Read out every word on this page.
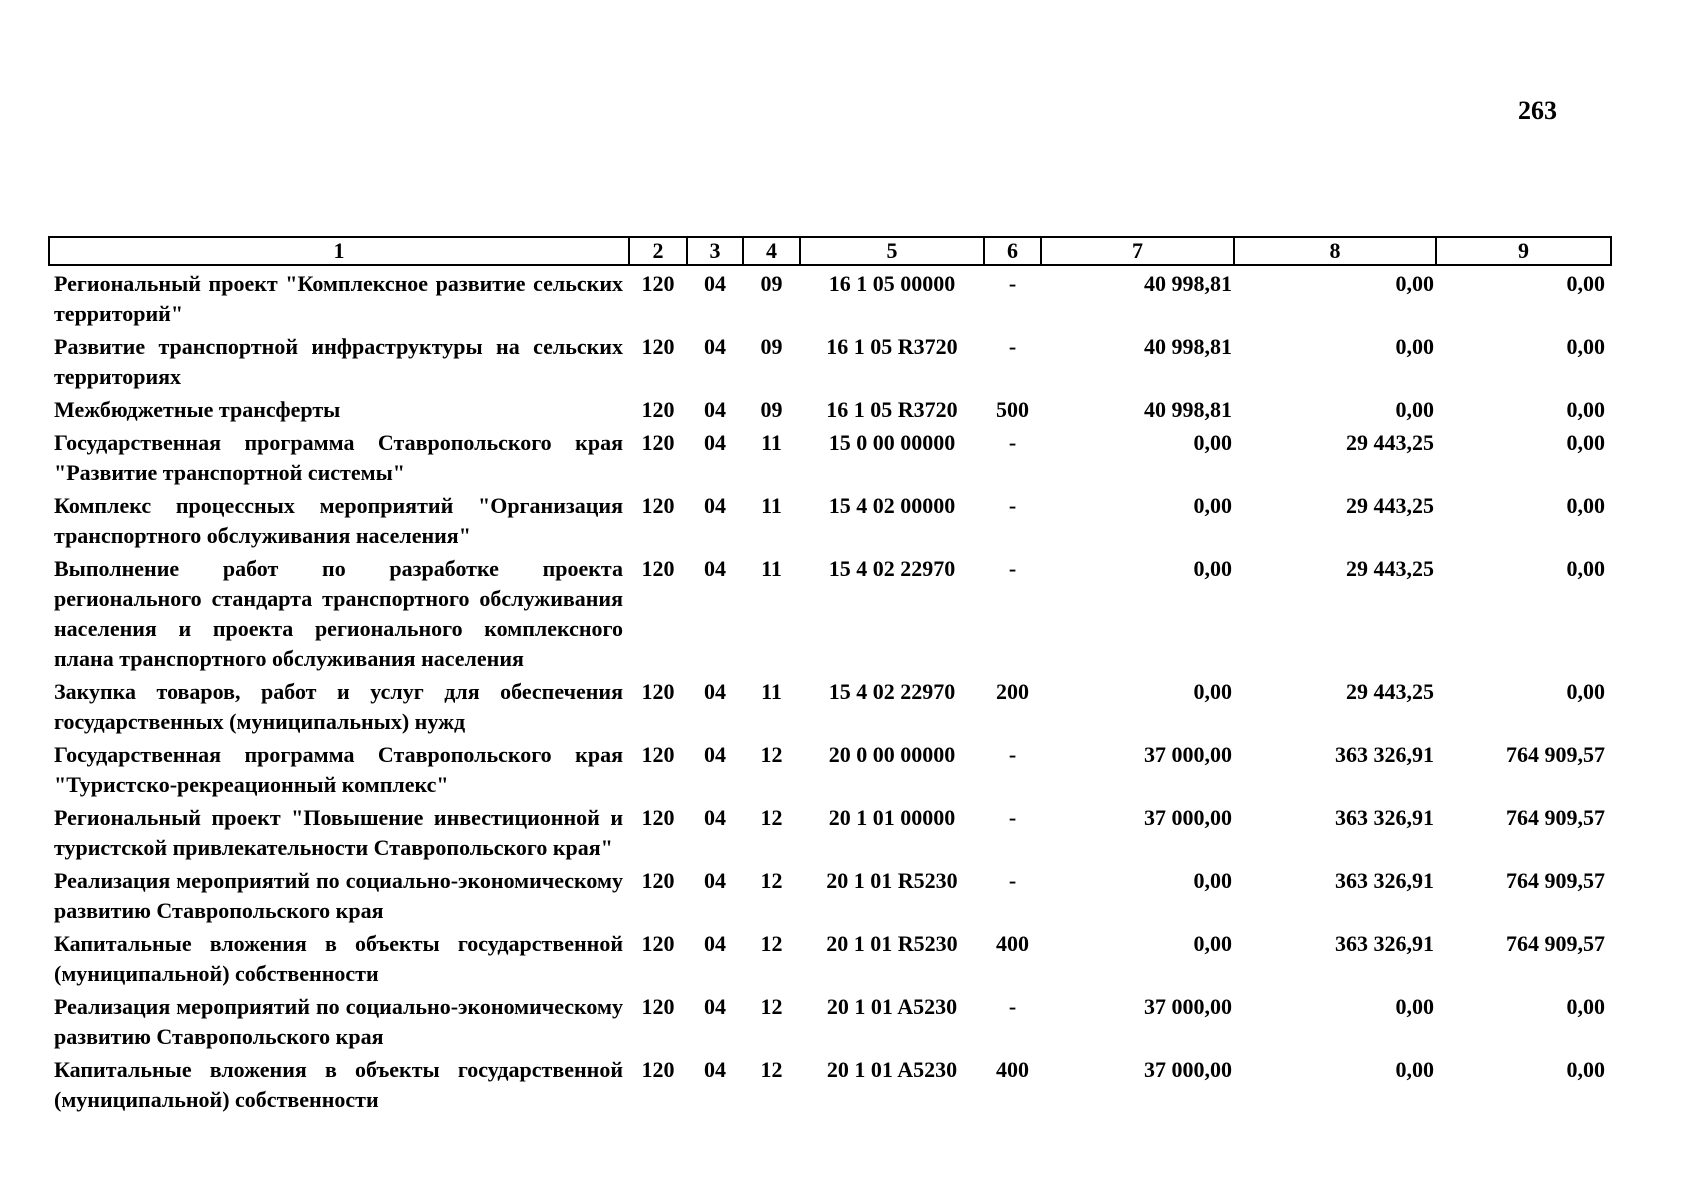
263
1	2	3	4	5	6	7	8	9
Региональный проект "Комплексное развитие сельских территорий"	120	04	09	16 1 05 00000	-	40 998,81	0,00	0,00
Развитие транспортной инфраструктуры на сельских территориях	120	04	09	16 1 05 R3720	-	40 998,81	0,00	0,00
Межбюджетные трансферты	120	04	09	16 1 05 R3720	500	40 998,81	0,00	0,00
Государственная программа Ставропольского края "Развитие транспортной системы"	120	04	11	15 0 00 00000	-	0,00	29 443,25	0,00
Комплекс процессных мероприятий "Организация транспортного обслуживания населения"	120	04	11	15 4 02 00000	-	0,00	29 443,25	0,00
Выполнение работ по разработке проекта регионального стандарта транспортного обслуживания населения и проекта регионального комплексного плана транспортного обслуживания населения	120	04	11	15 4 02 22970	-	0,00	29 443,25	0,00
Закупка товаров, работ и услуг для обеспечения государственных (муниципальных) нужд	120	04	11	15 4 02 22970	200	0,00	29 443,25	0,00
Государственная программа Ставропольского края "Туристско-рекреационный комплекс"	120	04	12	20 0 00 00000	-	37 000,00	363 326,91	764 909,57
Региональный проект "Повышение инвестиционной и туристской привлекательности Ставропольского края"	120	04	12	20 1 01 00000	-	37 000,00	363 326,91	764 909,57
Реализация мероприятий по социально-экономическому развитию Ставропольского края	120	04	12	20 1 01 R5230	-	0,00	363 326,91	764 909,57
Капитальные вложения в объекты государственной (муниципальной) собственности	120	04	12	20 1 01 R5230	400	0,00	363 326,91	764 909,57
Реализация мероприятий по социально-экономическому развитию Ставропольского края	120	04	12	20 1 01 A5230	-	37 000,00	0,00	0,00
Капитальные вложения в объекты государственной (муниципальной) собственности	120	04	12	20 1 01 A5230	400	37 000,00	0,00	0,00
